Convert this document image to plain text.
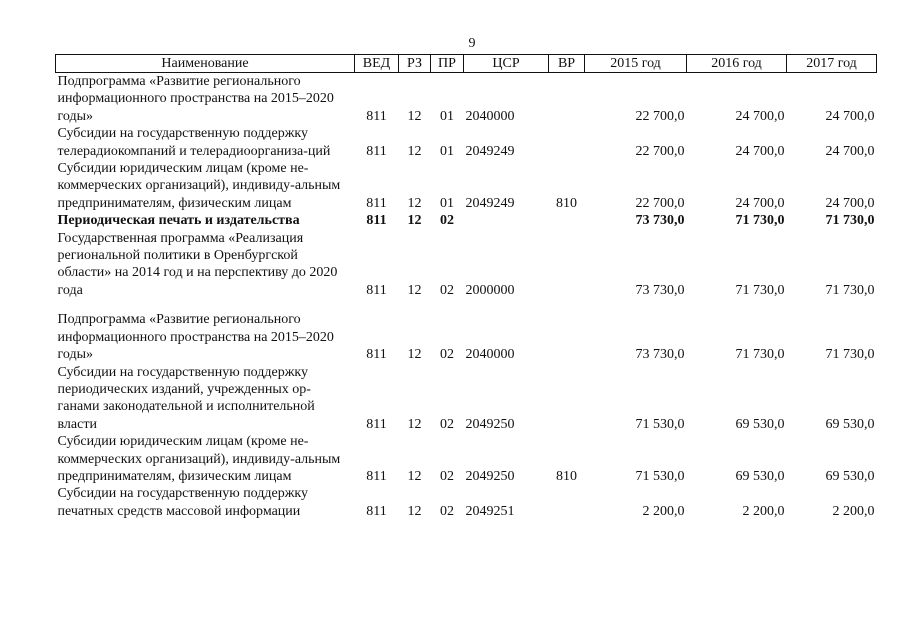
9
Наименование	ВЕД	РЗ	ПР	ЦСР	ВР	2015 год	2016 год	2017 год
Подпрограмма «Развитие регионального информационного пространства на 2015–2020 годы»	811	12	01	2040000		22 700,0	24 700,0	24 700,0
Субсидии на государственную поддержку телерадиокомпаний и телерадиоорганиза-ций	811	12	01	2049249		22 700,0	24 700,0	24 700,0
Субсидии юридическим лицам (кроме не-коммерческих организаций), индивиду-альным предпринимателям, физическим лицам	811	12	01	2049249	810	22 700,0	24 700,0	24 700,0
Периодическая печать и издательства	811	12	02			73 730,0	71 730,0	71 730,0
Государственная программа «Реализация региональной политики в Оренбургской области» на 2014 год и на перспективу до 2020 года	811	12	02	2000000		73 730,0	71 730,0	71 730,0

Подпрограмма «Развитие регионального информационного пространства на 2015–2020 годы»	811	12	02	2040000		73 730,0	71 730,0	71 730,0
Субсидии на государственную поддержку периодических изданий, учрежденных ор-ганами законодательной и исполнительной власти	811	12	02	2049250		71 530,0	69 530,0	69 530,0
Субсидии юридическим лицам (кроме не-коммерческих организаций), индивиду-альным предпринимателям, физическим лицам	811	12	02	2049250	810	71 530,0	69 530,0	69 530,0
Субсидии на государственную поддержку печатных средств массовой информации	811	12	02	2049251		2 200,0	2 200,0	2 200,0
